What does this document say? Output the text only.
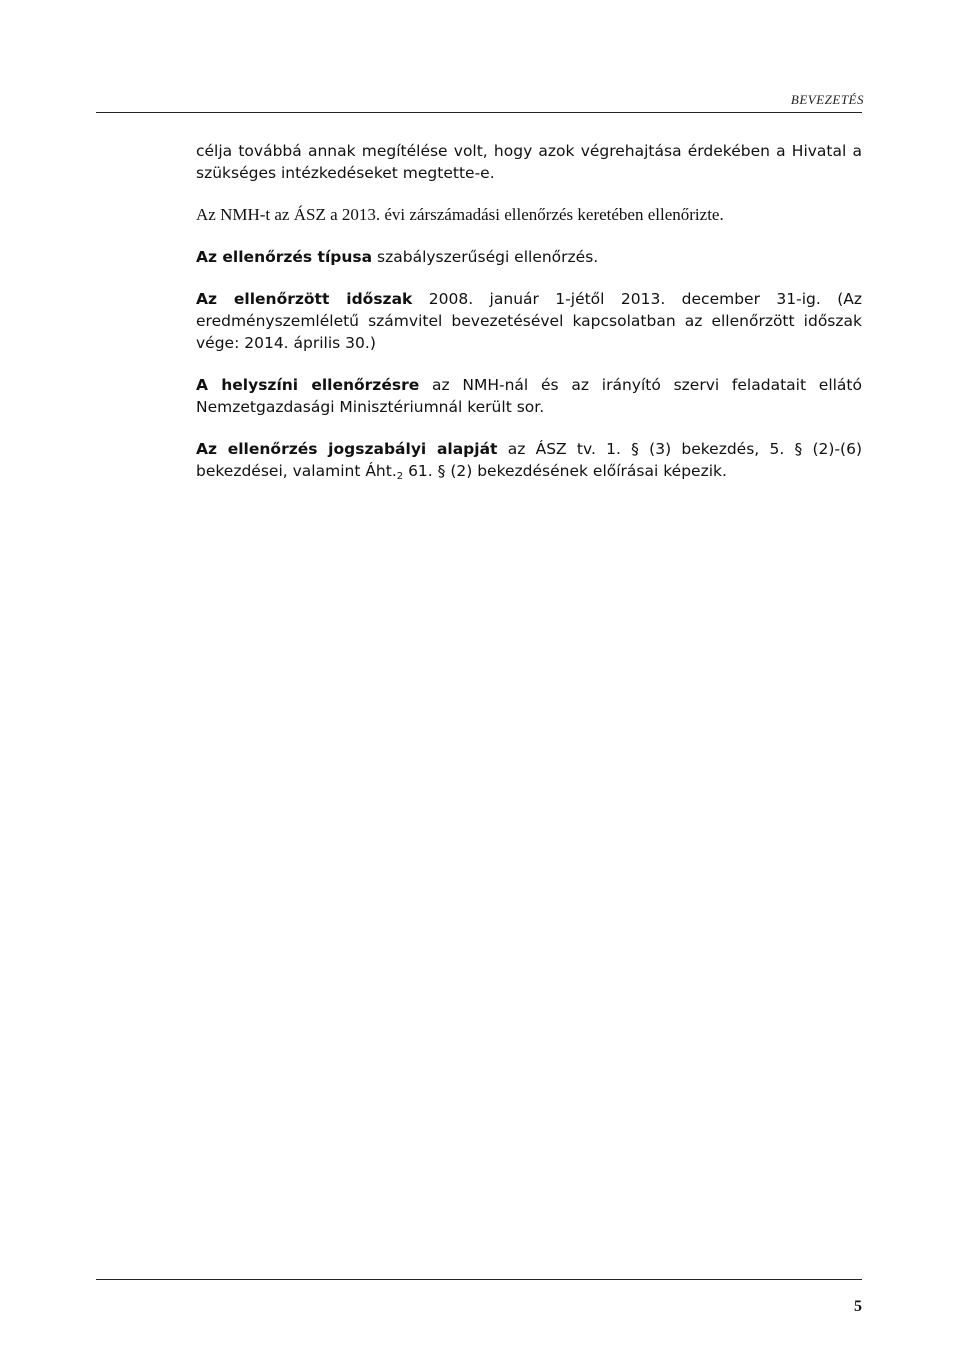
BEVEZETÉS

célja továbbá annak megítélése volt, hogy azok végrehajtása érdekében a Hivatal a szükséges intézkedéseket megtette-e.

Az NMH-t az ÁSZ a 2013. évi zárszámadási ellenőrzés keretében ellenőrizte.

Az ellenőrzés típusa szabályszerűségi ellenőrzés.

Az ellenőrzött időszak 2008. január 1-jétől 2013. december 31-ig. (Az eredményszemléletű számvitel bevezetésével kapcsolatban az ellenőrzött időszak vége: 2014. április 30.)

A helyszíni ellenőrzésre az NMH-nál és az irányító szervi feladatait ellátó Nemzetgazdasági Minisztériumnál került sor.

Az ellenőrzés jogszabályi alapját az ÁSZ tv. 1. § (3) bekezdés, 5. § (2)-(6) bekezdései, valamint $Áht._2$ 61. § (2) bekezdésének előírásai képezik.

5
